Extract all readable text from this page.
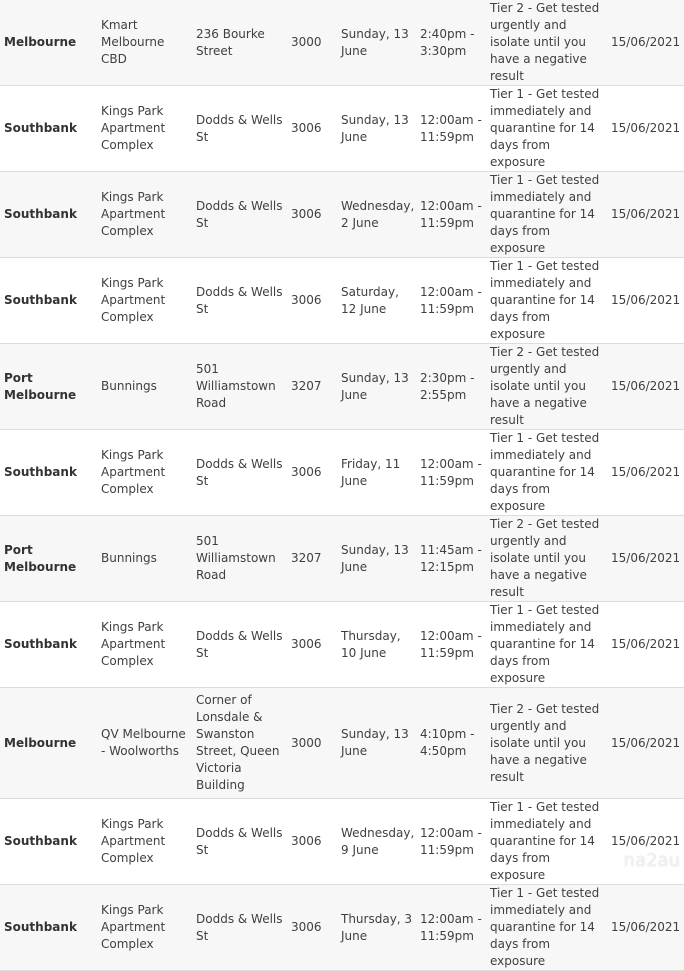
Melbourne	Kmart Melbourne CBD	236 Bourke Street	3000	Sunday, 13 June	2:40pm - 3:30pm	Tier 2 - Get tested urgently and isolate until you have a negative result	15/06/2021
Southbank	Kings Park Apartment Complex	Dodds & Wells St	3006	Sunday, 13 June	12:00am - 11:59pm	Tier 1 - Get tested immediately and quarantine for 14 days from exposure	15/06/2021
Southbank	Kings Park Apartment Complex	Dodds & Wells St	3006	Wednesday, 2 June	12:00am - 11:59pm	Tier 1 - Get tested immediately and quarantine for 14 days from exposure	15/06/2021
Southbank	Kings Park Apartment Complex	Dodds & Wells St	3006	Saturday, 12 June	12:00am - 11:59pm	Tier 1 - Get tested immediately and quarantine for 14 days from exposure	15/06/2021
Port Melbourne	Bunnings	501 Williamstown Road	3207	Sunday, 13 June	2:30pm - 2:55pm	Tier 2 - Get tested urgently and isolate until you have a negative result	15/06/2021
Southbank	Kings Park Apartment Complex	Dodds & Wells St	3006	Friday, 11 June	12:00am - 11:59pm	Tier 1 - Get tested immediately and quarantine for 14 days from exposure	15/06/2021
Port Melbourne	Bunnings	501 Williamstown Road	3207	Sunday, 13 June	11:45am - 12:15pm	Tier 2 - Get tested urgently and isolate until you have a negative result	15/06/2021
Southbank	Kings Park Apartment Complex	Dodds & Wells St	3006	Thursday, 10 June	12:00am - 11:59pm	Tier 1 - Get tested immediately and quarantine for 14 days from exposure	15/06/2021
Melbourne	QV Melbourne - Woolworths	Corner of Lonsdale & Swanston Street, Queen Victoria Building	3000	Sunday, 13 June	4:10pm - 4:50pm	Tier 2 - Get tested urgently and isolate until you have a negative result	15/06/2021
Southbank	Kings Park Apartment Complex	Dodds & Wells St	3006	Wednesday, 9 June	12:00am - 11:59pm	Tier 1 - Get tested immediately and quarantine for 14 days from exposure	15/06/2021
Southbank	Kings Park Apartment Complex	Dodds & Wells St	3006	Thursday, 3 June	12:00am - 11:59pm	Tier 1 - Get tested immediately and quarantine for 14 days from exposure	15/06/2021
na2au
